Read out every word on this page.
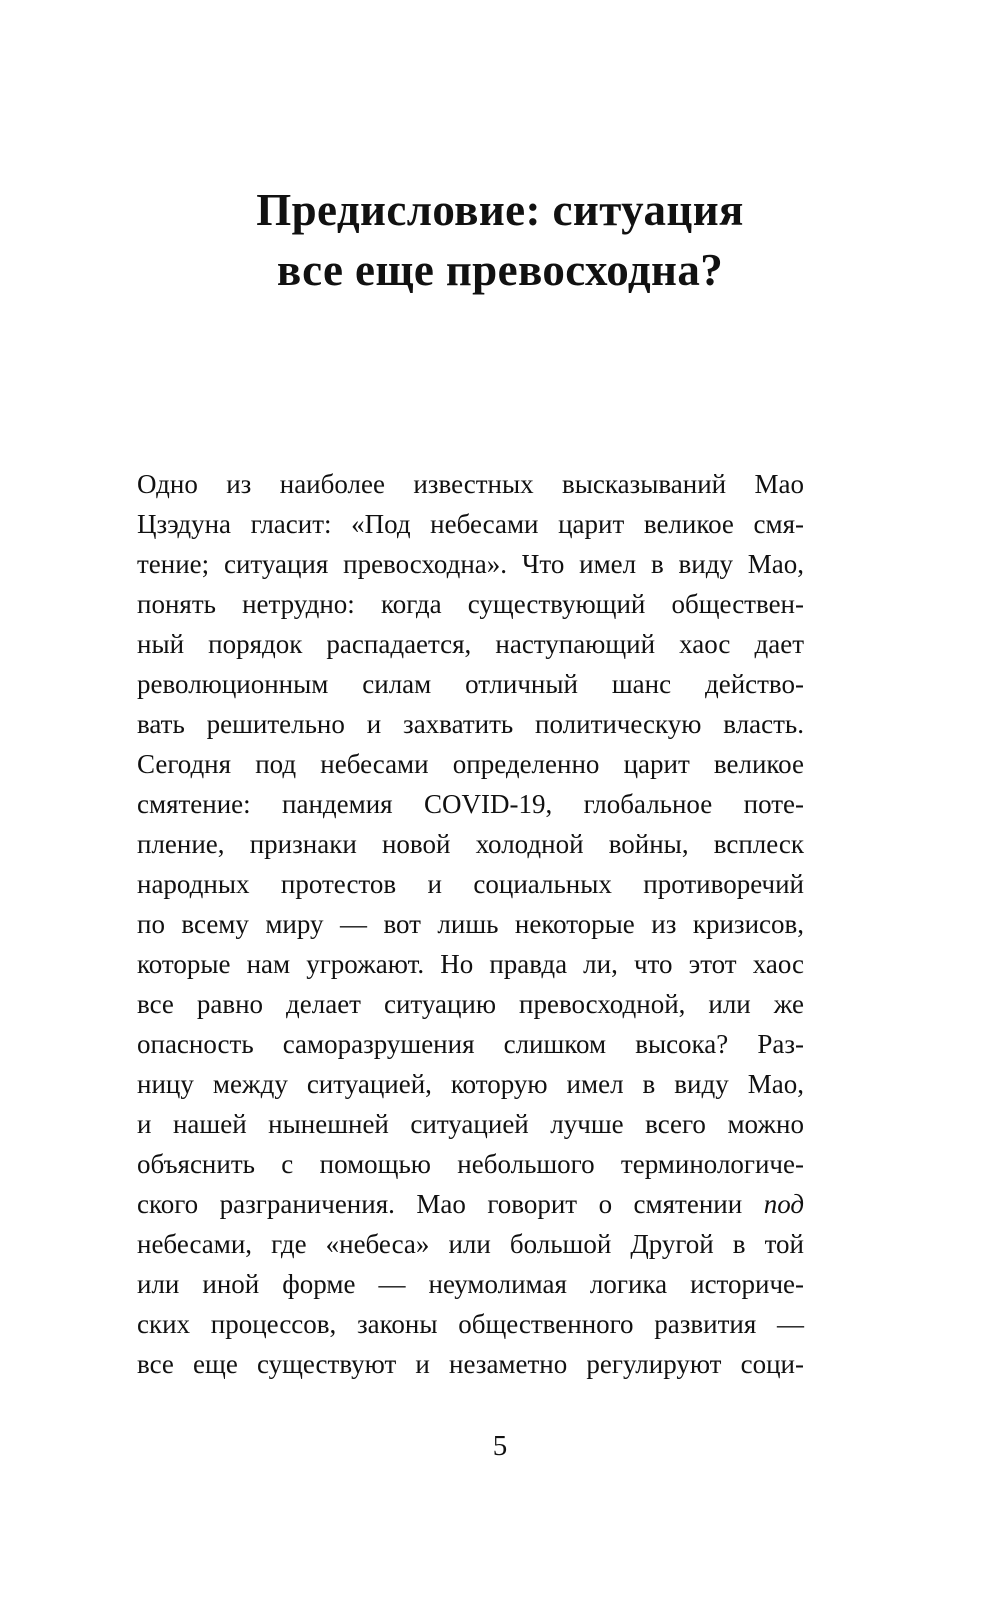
Предисловие: ситуация
все еще превосходна?
Одно из наиболее известных высказываний Мао
Цзэдуна гласит: «Под небесами царит великое смя-
тение; ситуация превосходна». Что имел в виду Мао,
понять нетрудно: когда существующий обществен-
ный порядок распадается, наступающий хаос дает
революционным силам отличный шанс действо-
вать решительно и захватить политическую власть.
Сегодня под небесами определенно царит великое
смятение: пандемия COVID-19, глобальное поте-
пление, признаки новой холодной войны, всплеск
народных протестов и социальных противоречий
по всему миру — вот лишь некоторые из кризисов,
которые нам угрожают. Но правда ли, что этот хаос
все равно делает ситуацию превосходной, или же
опасность саморазрушения слишком высока? Раз-
ницу между ситуацией, которую имел в виду Мао,
и нашей нынешней ситуацией лучше всего можно
объяснить с помощью небольшого терминологиче-
ского разграничения. Мао говорит о смятении под
небесами, где «небеса» или большой Другой в той
или иной форме — неумолимая логика историче-
ских процессов, законы общественного развития —
все еще существуют и незаметно регулируют соци-
5
